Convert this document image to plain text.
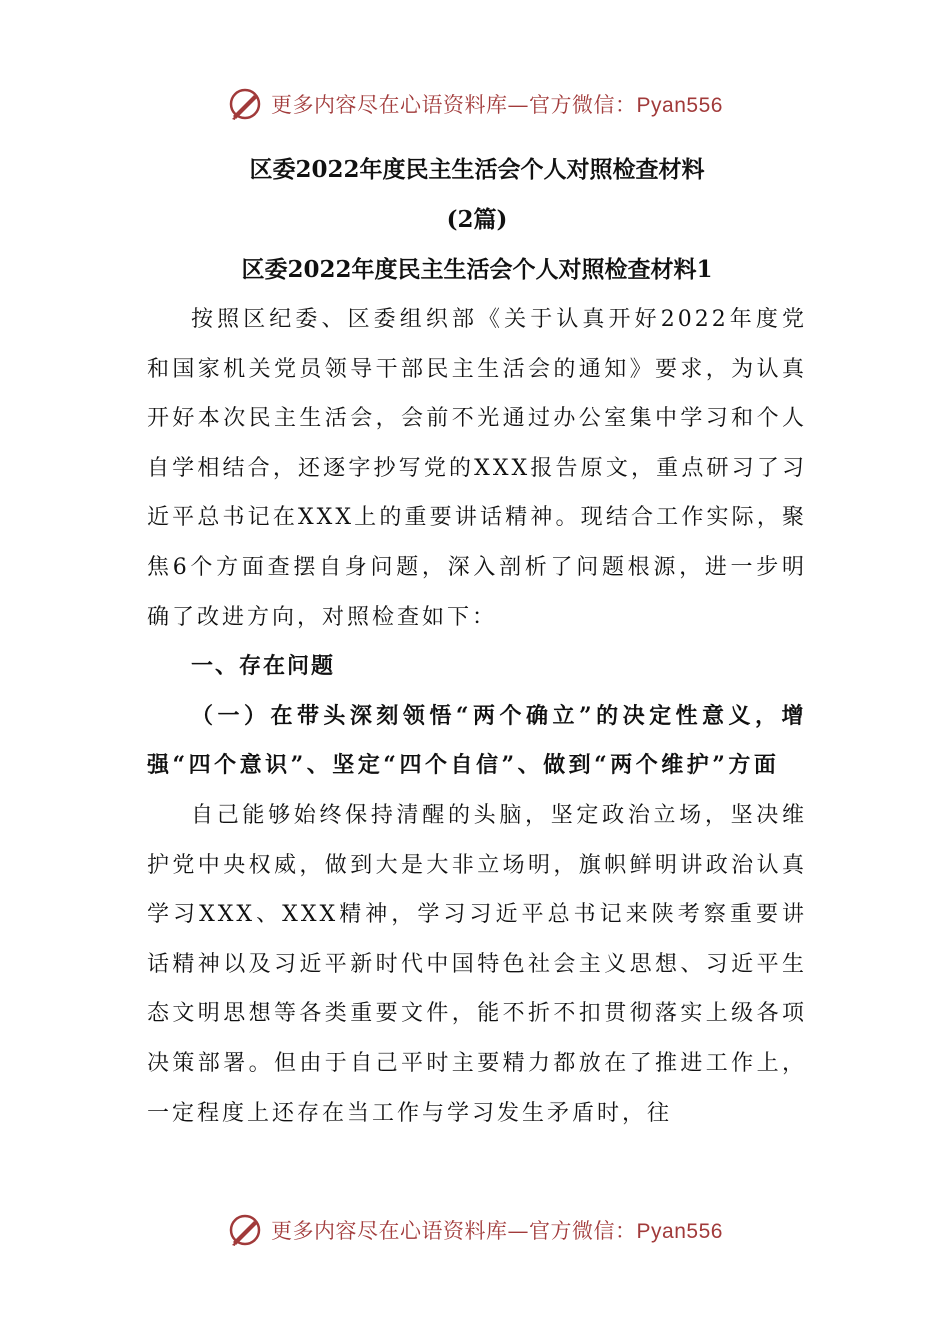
更多内容尽在心语资料库—官方微信：Pyan556

区委2022年度民主生活会个人对照检查材料

(2篇)

区委2022年度民主生活会个人对照检查材料1

按照区纪委、区委组织部《关于认真开好2022年度党和国家机关党员领导干部民主生活会的通知》要求，为认真开好本次民主生活会，会前不光通过办公室集中学习和个人自学相结合，还逐字抄写党的XXX报告原文，重点研习了习近平总书记在XXX上的重要讲话精神。现结合工作实际，聚焦6个方面查摆自身问题，深入剖析了问题根源，进一步明确了改进方向，对照检查如下：

一、存在问题

（一）在带头深刻领悟“两个确立”的决定性意义，增强“四个意识”、坚定“四个自信”、做到“两个维护”方面

自己能够始终保持清醒的头脑，坚定政治立场，坚决维护党中央权威，做到大是大非立场明，旗帜鲜明讲政治认真学习XXX、XXX精神，学习习近平总书记来陕考察重要讲话精神以及习近平新时代中国特色社会主义思想、习近平生态文明思想等各类重要文件，能不折不扣贯彻落实上级各项决策部署。但由于自己平时主要精力都放在了推进工作上，一定程度上还存在当工作与学习发生矛盾时，往

更多内容尽在心语资料库—官方微信：Pyan556
